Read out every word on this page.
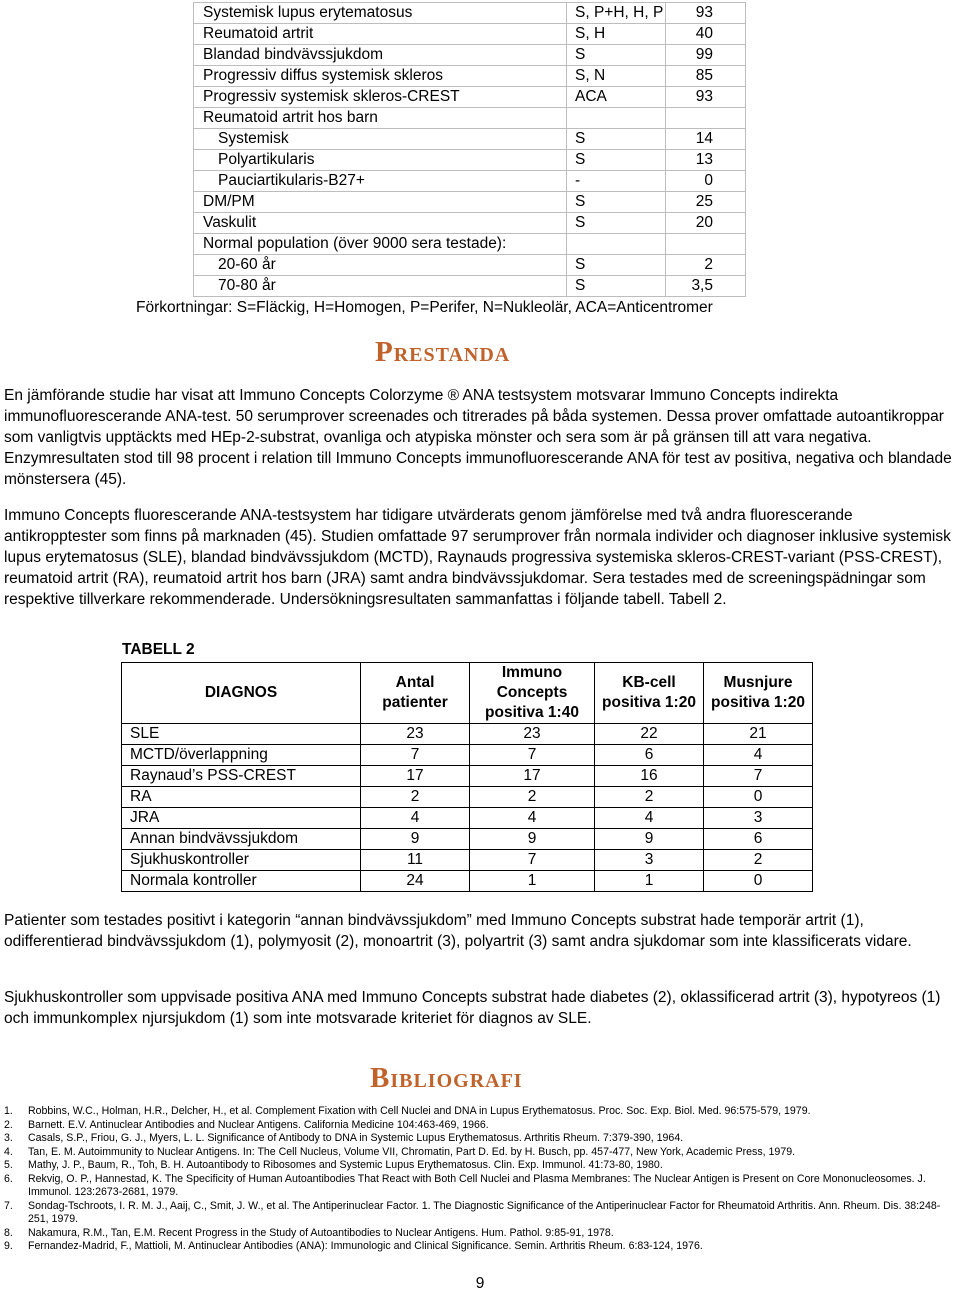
Systemisk lupus erytematosus	S, P+H, H, P	93
Reumatoid artrit	S, H	40
Blandad bindvävssjukdom	S	99
Progressiv diffus systemisk skleros	S, N	85
Progressiv systemisk skleros-CREST	ACA	93
Reumatoid artrit hos barn		
Systemisk	S	14
Polyartikularis	S	13
Pauciartikularis-B27+	-	0
DM/PM	S	25
Vaskulit	S	20
Normal population (över 9000 sera testade):		
20-60 år	S	2
70-80 år	S	3,5
Förkortningar: S=Fläckig, H=Homogen, P=Perifer, N=Nukleolär, ACA=Anticentromer
Prestanda

En jämförande studie har visat att Immuno Concepts Colorzyme ® ANA testsystem motsvarar Immuno Concepts indirekta immunofluorescerande ANA-test. 50 serumprover screenades och titrerades på båda systemen. Dessa prover omfattade autoantikroppar som vanligtvis upptäckts med HEp-2-substrat, ovanliga och atypiska mönster och sera som är på gränsen till att vara negativa. Enzymresultaten stod till 98 procent i relation till Immuno Concepts immunofluorescerande ANA för test av positiva, negativa och blandade mönstersera (45).

Immuno Concepts fluorescerande ANA-testsystem har tidigare utvärderats genom jämförelse med två andra fluorescerande antikropptester som finns på marknaden (45). Studien omfattade 97 serumprover från normala individer och diagnoser inklusive systemisk lupus erytematosus (SLE), blandad bindvävssjukdom (MCTD), Raynauds progressiva systemiska skleros-CREST-variant (PSS-CREST), reumatoid artrit (RA), reumatoid artrit hos barn (JRA) samt andra bindvävssjukdomar. Sera testades med de screeningspädningar som respektive tillverkare rekommenderade. Undersökningsresultaten sammanfattas i följande tabell. Tabell 2.

TABELL 2
DIAGNOS	Antal patienter	Immuno Concepts positiva 1:40	KB-cell positiva 1:20	Musnjure positiva 1:20
SLE	23	23	22	21
MCTD/överlappning	7	7	6	4
Raynaud’s PSS-CREST	17	17	16	7
RA	2	2	2	0
JRA	4	4	4	3
Annan bindvävssjukdom	9	9	9	6
Sjukhuskontroller	11	7	3	2
Normala kontroller	24	1	1	0

Patienter som testades positivt i kategorin “annan bindvävssjukdom” med Immuno Concepts substrat hade temporär artrit (1), odifferentierad bindvävssjukdom (1), polymyosit (2), monoartrit (3), polyartrit (3) samt andra sjukdomar som inte klassificerats vidare.

Sjukhuskontroller som uppvisade positiva ANA med Immuno Concepts substrat hade diabetes (2), oklassificerad artrit (3), hypotyreos (1) och immunkomplex njursjukdom (1) som inte motsvarade kriteriet för diagnos av SLE.

Bibliografi
1. Robbins, W.C., Holman, H.R., Delcher, H., et al. Complement Fixation with Cell Nuclei and DNA in Lupus Erythematosus. Proc. Soc. Exp. Biol. Med. 96:575-579, 1979.
2. Barnett. E.V. Antinuclear Antibodies and Nuclear Antigens. California Medicine 104:463-469, 1966.
3. Casals, S.P., Friou, G. J., Myers, L. L. Significance of Antibody to DNA in Systemic Lupus Erythematosus. Arthritis Rheum. 7:379-390, 1964.
4. Tan, E. M. Autoimmunity to Nuclear Antigens. In: The Cell Nucleus, Volume VII, Chromatin, Part D. Ed. by H. Busch, pp. 457-477, New York, Academic Press, 1979.
5. Mathy, J. P., Baum, R., Toh, B. H. Autoantibody to Ribosomes and Systemic Lupus Erythematosus. Clin. Exp. Immunol. 41:73-80, 1980.
6. Rekvig, O. P., Hannestad, K. The Specificity of Human Autoantibodies That React with Both Cell Nuclei and Plasma Membranes: The Nuclear Antigen is Present on Core Mononucleosomes. J. Immunol. 123:2673-2681, 1979.
7. Sondag-Tschroots, I. R. M. J., Aaij, C., Smit, J. W., et al. The Antiperinuclear Factor. 1. The Diagnostic Significance of the Antiperinuclear Factor for Rheumatoid Arthritis. Ann. Rheum. Dis. 38:248-251, 1979.
8. Nakamura, R.M., Tan, E.M. Recent Progress in the Study of Autoantibodies to Nuclear Antigens. Hum. Pathol. 9:85-91, 1978.
9. Fernandez-Madrid, F., Mattioli, M. Antinuclear Antibodies (ANA): Immunologic and Clinical Significance. Semin. Arthritis Rheum. 6:83-124, 1976.
9
